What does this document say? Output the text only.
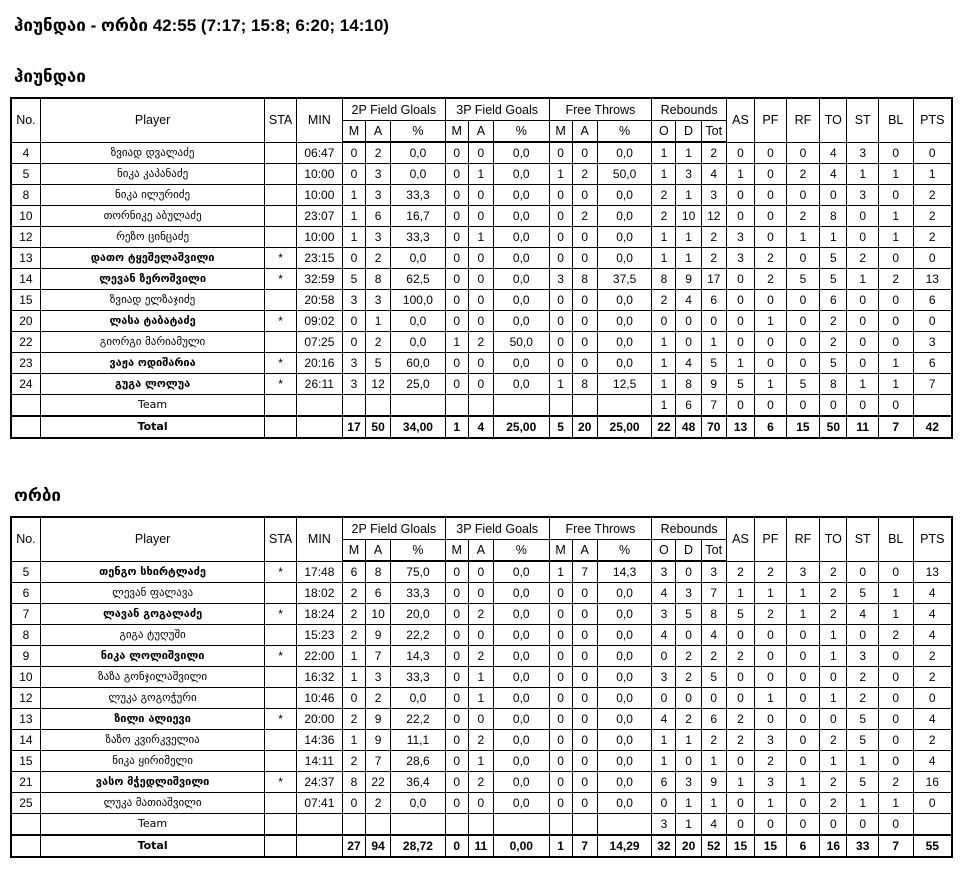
ჰიუნდაი - ორბი 42:55 (7:17; 15:8; 6:20; 14:10)
ჰიუნდაი
No.	Player	STA	MIN	2P Field Gloals			3P Field Goals			Free Throws			Rebounds			AS	PF	RF	TO	ST	BL	PTS
				M	A	%	M	A	%	M	A	%	O	D	Tot							
4	ზვიად დვალაძე		06:47	0	2	0,0	0	0	0,0	0	0	0,0	1	1	2	0	0	0	4	3	0	0
5	ნიკა კაპანაძე		10:00	0	3	0,0	0	1	0,0	1	2	50,0	1	3	4	1	0	2	4	1	1	1
8	ნიკა ილურიძე		10:00	1	3	33,3	0	0	0,0	0	0	0,0	2	1	3	0	0	0	0	3	0	2
10	თორნიკე აბულაძე		23:07	1	6	16,7	0	0	0,0	0	2	0,0	2	10	12	0	0	2	8	0	1	2
12	რეზო ცინცაძე		10:00	1	3	33,3	0	1	0,0	0	0	0,0	1	1	2	3	0	1	1	0	1	2
13	დათო ტყეშელაშვილი	*	23:15	0	2	0,0	0	0	0,0	0	0	0,0	1	1	2	3	2	0	5	2	0	0
14	ლევან ზეროშვილი	*	32:59	5	8	62,5	0	0	0,0	3	8	37,5	8	9	17	0	2	5	5	1	2	13
15	ზვიად ელზაჯიძე		20:58	3	3	100,0	0	0	0,0	0	0	0,0	2	4	6	0	0	0	6	0	0	6
20	ლასა ტაბატაძე	*	09:02	0	1	0,0	0	0	0,0	0	0	0,0	0	0	0	0	1	0	2	0	0	0
22	გიორგი მარიამული		07:25	0	2	0,0	1	2	50,0	0	0	0,0	1	0	1	0	0	0	2	0	0	3
23	ვაჟა ოდიშარია	*	20:16	3	5	60,0	0	0	0,0	0	0	0,0	1	4	5	1	0	0	5	0	1	6
24	გუგა ლოლუა	*	26:11	3	12	25,0	0	0	0,0	1	8	12,5	1	8	9	5	1	5	8	1	1	7
	Team												1	6	7	0	0	0	0	0	0	
	Total			17	50	34,00	1	4	25,00	5	20	25,00	22	48	70	13	6	15	50	11	7	42
ორბი
No.	Player	STA	MIN	2P Field Gloals			3P Field Goals			Free Throws			Rebounds			AS	PF	RF	TO	ST	BL	PTS
				M	A	%	M	A	%	M	A	%	O	D	Tot							
5	თენგო სხირტლაძე	*	17:48	6	8	75,0	0	0	0,0	1	7	14,3	3	0	3	2	2	3	2	0	0	13
6	ლევან ფალავა		18:02	2	6	33,3	0	0	0,0	0	0	0,0	4	3	7	1	1	1	2	5	1	4
7	ლავან გოგალაძე	*	18:24	2	10	20,0	0	2	0,0	0	0	0,0	3	5	8	5	2	1	2	4	1	4
8	გიგა ტუღუში		15:23	2	9	22,2	0	0	0,0	0	0	0,0	4	0	4	0	0	0	1	0	2	4
9	ნიკა ლოლიშვილი	*	22:00	1	7	14,3	0	2	0,0	0	0	0,0	0	2	2	2	0	0	1	3	0	2
10	ზაზა გონჯილაშვილი		16:32	1	3	33,3	0	1	0,0	0	0	0,0	3	2	5	0	0	0	0	2	0	2
12	ლუკა გოგოჭური		10:46	0	2	0,0	0	1	0,0	0	0	0,0	0	0	0	0	1	0	1	2	0	0
13	ზილი ალიევი	*	20:00	2	9	22,2	0	0	0,0	0	0	0,0	4	2	6	2	0	0	0	5	0	4
14	ზაზო კვირკველია		14:36	1	9	11,1	0	2	0,0	0	0	0,0	1	1	2	2	3	0	2	5	0	2
15	ნიკა ყირიმელი		14:11	2	7	28,6	0	1	0,0	0	0	0,0	1	0	1	0	2	0	1	1	0	4
21	ვასო მჭედლიშვილი	*	24:37	8	22	36,4	0	2	0,0	0	0	0,0	6	3	9	1	3	1	2	5	2	16
25	ლუკა მათიაშვილი		07:41	0	2	0,0	0	0	0,0	0	0	0,0	0	1	1	0	1	0	2	1	1	0
	Team												3	1	4	0	0	0	0	0	0	
	Total			27	94	28,72	0	11	0,00	1	7	14,29	32	20	52	15	15	6	16	33	7	55
